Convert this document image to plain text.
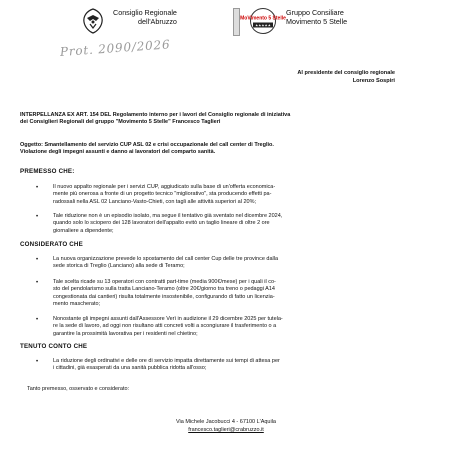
Consiglio Regionale
dell'Abruzzo	MoVimento 5 Stelle
★★★★★
Gruppo Consiliare
Movimento 5 Stelle
Prot. 2090/2026
Al presidente del consiglio regionale
Lorenzo Sospiri
INTERPELLANZA EX ART. 154 DEL Regolamento interno per i lavori del Consiglio regionale di iniziativa
dei Consiglieri Regionali del gruppo "Movimento 5 Stelle" Francesco Taglieri
Oggetto: Smantellamento del servizio CUP ASL 02 e crisi occupazionale del call center di Treglio.
Violazione degli impegni assunti e danno ai lavoratori del comparto sanità.
PREMESSO CHE:
•	Il nuovo appalto regionale per i servizi CUP, aggiudicato sulla base di un'offerta economica-
mente più onerosa a fronte di un progetto tecnico "migliorativo", sta producendo effetti pa-
radossali nella ASL 02 Lanciano-Vasto-Chieti, con tagli alle attività superiori al 20%;
•	Tale riduzione non è un episodio isolato, ma segue il tentativo già sventato nel dicembre 2024,
quando solo lo sciopero dei 128 lavoratori dell'appalto evitò un taglio lineare di oltre 2 ore
giornaliere a dipendente;
CONSIDERATO CHE
•	La nuova organizzazione prevede lo spostamento del call center Cup delle tre province dalla
sede storica di Treglio (Lanciano) alla sede di Teramo;
•	Tale scelta ricade su 13 operatori con contratti part-time (media 900€/mese) per i quali il co-
sto del pendolarismo sulla tratta Lanciano-Teramo (oltre 20€/giorno tra treno o pedaggi A14
congestionata dai cantieri) risulta totalmente insostenibile, configurando di fatto un licenzia-
mento mascherato;
•	Nonostante gli impegni assunti dall'Assessore Verì in audizione il 29 dicembre 2025 per tutela-
re la sede di lavoro, ad oggi non risultano atti concreti volti a scongiurare il trasferimento o a
garantire la prossimità lavorativa per i residenti nel chietino;
TENUTO CONTO CHE
•	La riduzione degli ordinativi e delle ore di servizio impatta direttamente sui tempi di attesa per
i cittadini, già esasperati da una sanità pubblica ridotta all'osso;
Tanto premesso, osservato e considerato:
Via Michele Jacobucci 4 - 67100 L'Aquila
francesco.taglieri@crabruzzo.it
